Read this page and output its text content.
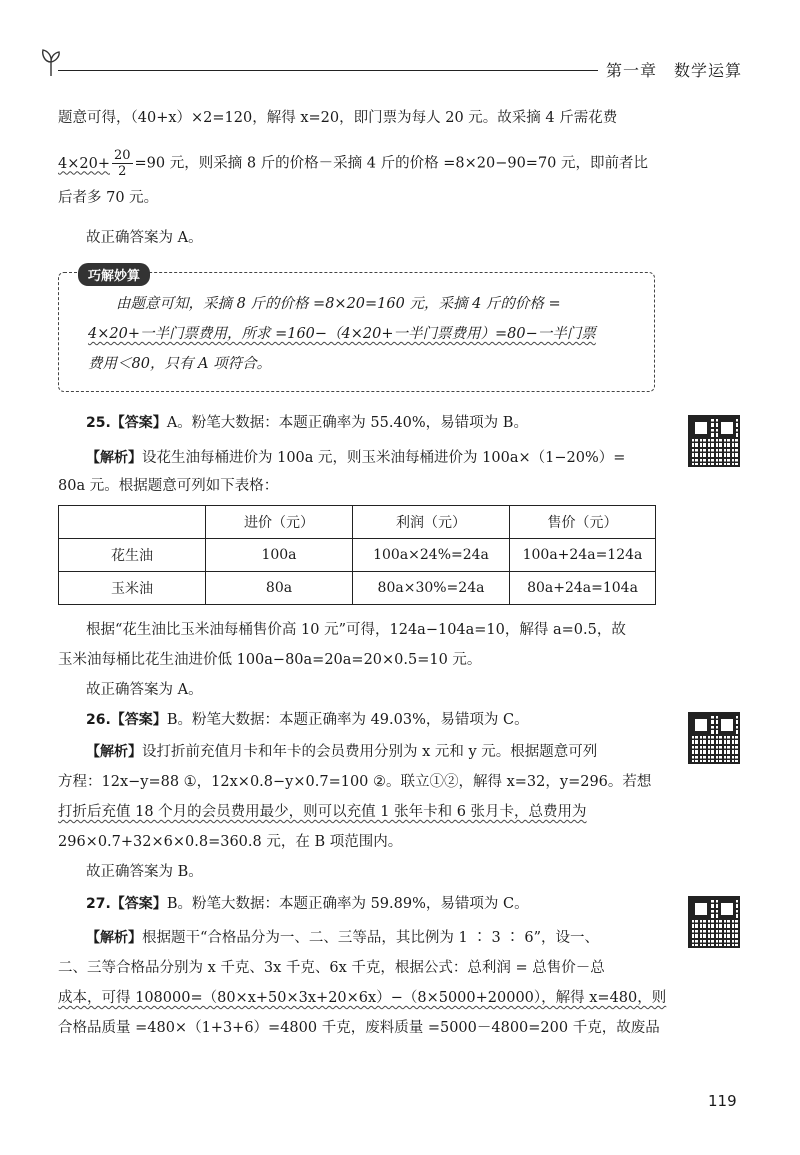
第一章　数学运算
题意可得，（40+x）×2=120，解得 x=20，即门票为每人 20 元。故采摘 4 斤需花费
$4\times 20+ \frac{20}{2} =90$ 元，则采摘 8 斤的价格－采摘 4 斤的价格 =8×20−90=70 元，即前者比
后者多 70 元。
故正确答案为 A。
巧解妙算
由题意可知，采摘 8 斤的价格 =8×20=160 元，采摘 4 斤的价格 =
4×20+一半门票费用，所求 =160−（4×20+一半门票费用）=80−一半门票
费用＜80，只有 A 项符合。
25.【答案】A。粉笔大数据：本题正确率为 55.40%，易错项为 B。
【解析】设花生油每桶进价为 100a 元，则玉米油每桶进价为 100a×（1−20%）=
80a 元。根据题意可列如下表格：
	进价（元）	利润（元）	售价（元）
花生油	100a	100a×24%=24a	100a+24a=124a
玉米油	80a	80a×30%=24a	80a+24a=104a
根据“花生油比玉米油每桶售价高 10 元”可得，124a−104a=10，解得 a=0.5，故
玉米油每桶比花生油进价低 100a−80a=20a=20×0.5=10 元。
故正确答案为 A。
26.【答案】B。粉笔大数据：本题正确率为 49.03%，易错项为 C。
【解析】设打折前充值月卡和年卡的会员费用分别为 x 元和 y 元。根据题意可列
方程：12x−y=88 ①，12x×0.8−y×0.7=100 ②。联立①②，解得 x=32，y=296。若想
打折后充值 18 个月的会员费用最少，则可以充值 1 张年卡和 6 张月卡，总费用为
296×0.7+32×6×0.8=360.8 元，在 B 项范围内。
故正确答案为 B。
27.【答案】B。粉笔大数据：本题正确率为 59.89%，易错项为 C。
【解析】根据题干“合格品分为一、二、三等品，其比例为 1 ∶ 3 ∶ 6”，设一、
二、三等合格品分别为 x 千克、3x 千克、6x 千克，根据公式：总利润 = 总售价－总
成本，可得 108000=（80×x+50×3x+20×6x）−（8×5000+20000），解得 x=480，则
合格品质量 =480×（1+3+6）=4800 千克，废料质量 =5000－4800=200 千克，故废品
119
